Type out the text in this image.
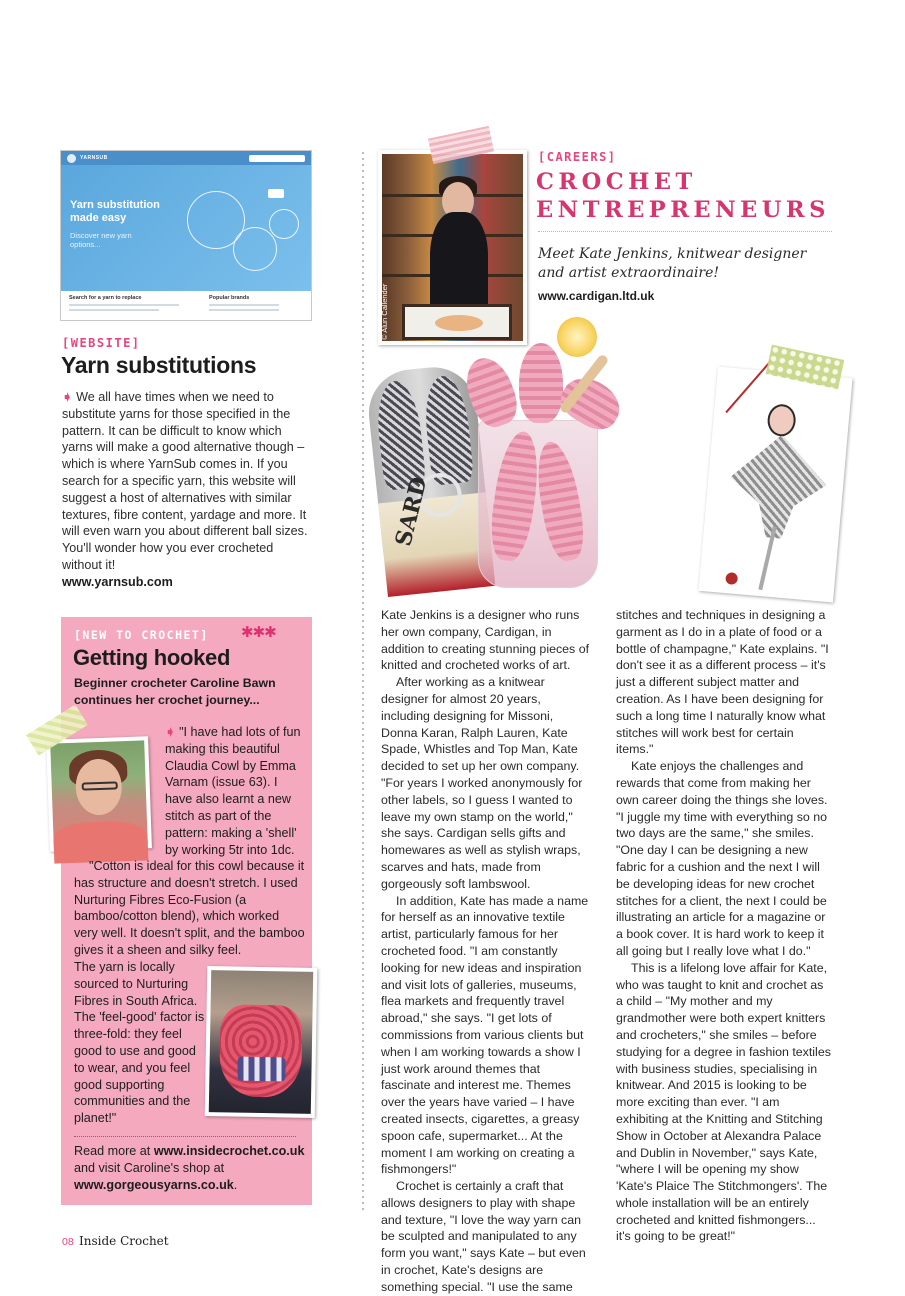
YARNSUB
Yarn substitution made easy
Discover new yarn options...
Search for a yarn to replace	Popular brands
[WEBSITE]
Yarn substitutions
➧ We all have times when we need to substitute yarns for those specified in the pattern. It can be difficult to know which yarns will make a good alternative though – which is where YarnSub comes in. If you search for a specific yarn, this website will suggest a host of alternatives with similar textures, fibre content, yardage and more. It will even warn you about different ball sizes. You'll wonder how you ever crocheted without it!
www.yarnsub.com
[NEW TO CROCHET] ✱✱✱
Getting hooked
Beginner crocheter Caroline Bawn continues her crochet journey...
➧ "I have had lots of fun making this beautiful Claudia Cowl by Emma Varnam (issue 63). I have also learnt a new stitch as part of the pattern: making a 'shell' by working 5tr into 1dc.
"Cotton is ideal for this cowl because it has structure and doesn't stretch. I used Nurturing Fibres Eco-Fusion (a bamboo/cotton blend), which worked very well. It doesn't split, and the bamboo gives it a sheen and silky feel.
The yarn is locally sourced to Nurturing Fibres in South Africa. The 'feel-good' factor is three-fold: they feel good to use and good to wear, and you feel good supporting communities and the planet!"
Read more at www.insidecrochet.co.uk
and visit Caroline's shop at
www.gorgeousyarns.co.uk.
© Alun Callender
[CAREERS]
CROCHET ENTREPRENEURS
Meet Kate Jenkins, knitwear designer and artist extraordinaire!
www.cardigan.ltd.uk
SARD

Kate Jenkins is a designer who runs her own company, Cardigan, in addition to creating stunning pieces of knitted and crocheted works of art.

After working as a knitwear designer for almost 20 years, including designing for Missoni, Donna Karan, Ralph Lauren, Kate Spade, Whistles and Top Man, Kate decided to set up her own company. "For years I worked anonymously for other labels, so I guess I wanted to leave my own stamp on the world," she says. Cardigan sells gifts and homewares as well as stylish wraps, scarves and hats, made from gorgeously soft lambswool.

In addition, Kate has made a name for herself as an innovative textile artist, particularly famous for her crocheted food. "I am constantly looking for new ideas and inspiration and visit lots of galleries, museums, flea markets and frequently travel abroad," she says. "I get lots of commissions from various clients but when I am working towards a show I just work around themes that fascinate and interest me. Themes over the years have varied – I have created insects, cigarettes, a greasy spoon cafe, supermarket... At the moment I am working on creating a fishmongers!"

Crochet is certainly a craft that allows designers to play with shape and texture, "I love the way yarn can be sculpted and manipulated to any form you want," says Kate – but even in crochet, Kate's designs are something special. "I use the same

stitches and techniques in designing a garment as I do in a plate of food or a bottle of champagne," Kate explains. "I don't see it as a different process – it's just a different subject matter and creation. As I have been designing for such a long time I naturally know what stitches will work best for certain items."

Kate enjoys the challenges and rewards that come from making her own career doing the things she loves. "I juggle my time with everything so no two days are the same," she smiles. "One day I can be designing a new fabric for a cushion and the next I will be developing ideas for new crochet stitches for a client, the next I could be illustrating an article for a magazine or a book cover. It is hard work to keep it all going but I really love what I do."

This is a lifelong love affair for Kate, who was taught to knit and crochet as a child – "My mother and my grandmother were both expert knitters and crocheters," she smiles – before studying for a degree in fashion textiles with business studies, specialising in knitwear. And 2015 is looking to be more exciting than ever. "I am exhibiting at the Knitting and Stitching Show in October at Alexandra Palace and Dublin in November," says Kate, "where I will be opening my show 'Kate's Plaice The Stitchmongers'. The whole installation will be an entirely crocheted and knitted fishmongers... it's going to be great!"

08 Inside Crochet
